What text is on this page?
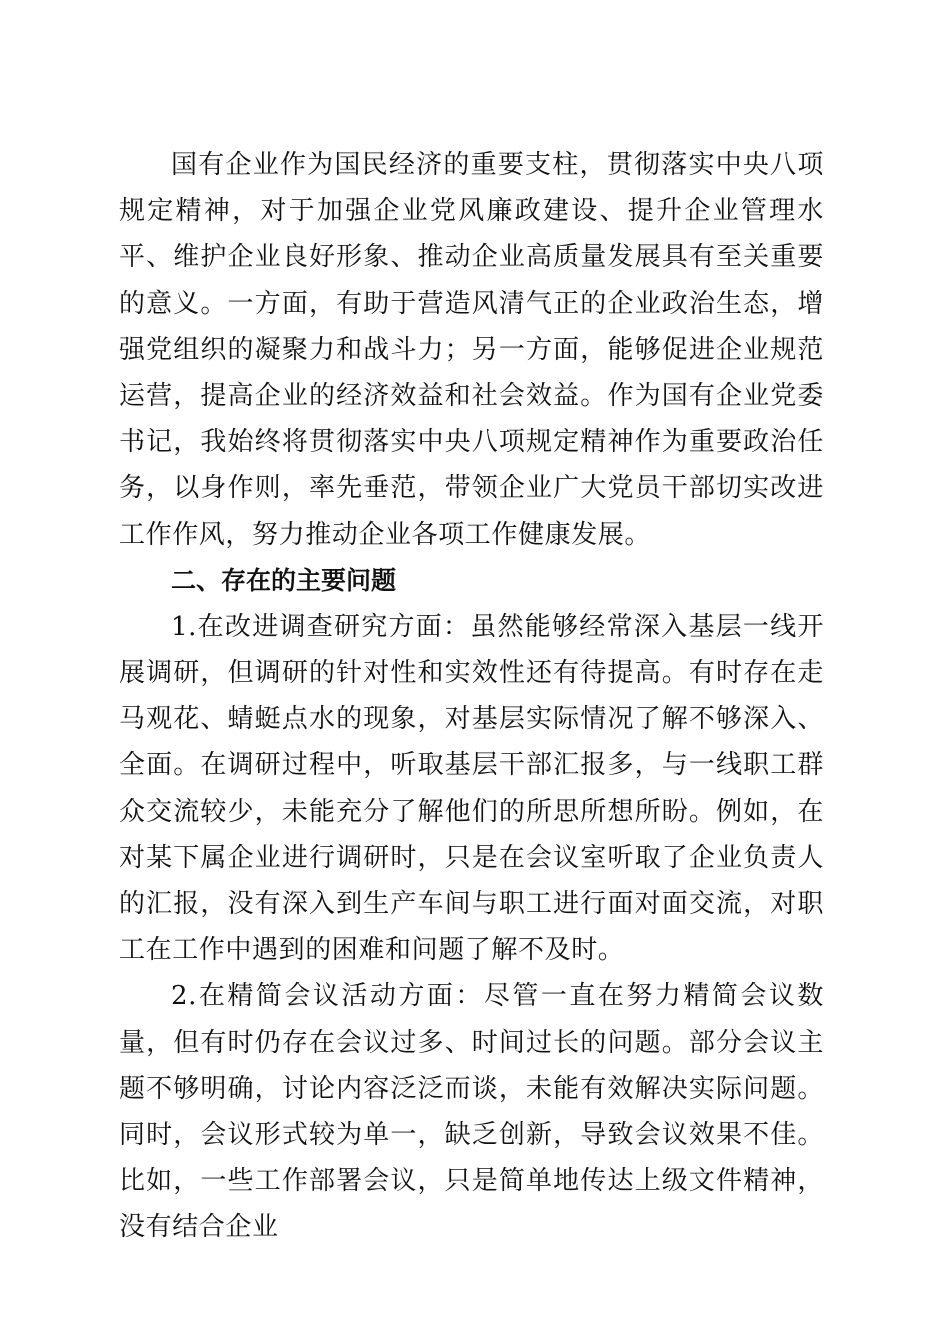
国有企业作为国民经济的重要支柱，贯彻落实中央八项规定精神，对于加强企业党风廉政建设、提升企业管理水平、维护企业良好形象、推动企业高质量发展具有至关重要的意义。一方面，有助于营造风清气正的企业政治生态，增强党组织的凝聚力和战斗力；另一方面，能够促进企业规范运营，提高企业的经济效益和社会效益。作为国有企业党委书记，我始终将贯彻落实中央八项规定精神作为重要政治任务，以身作则，率先垂范，带领企业广大党员干部切实改进工作作风，努力推动企业各项工作健康发展。

二、存在的主要问题

1.在改进调查研究方面：虽然能够经常深入基层一线开展调研，但调研的针对性和实效性还有待提高。有时存在走马观花、蜻蜓点水的现象，对基层实际情况了解不够深入、全面。在调研过程中，听取基层干部汇报多，与一线职工群众交流较少，未能充分了解他们的所思所想所盼。例如，在对某下属企业进行调研时，只是在会议室听取了企业负责人的汇报，没有深入到生产车间与职工进行面对面交流，对职工在工作中遇到的困难和问题了解不及时。

2.在精简会议活动方面：尽管一直在努力精简会议数量，但有时仍存在会议过多、时间过长的问题。部分会议主题不够明确，讨论内容泛泛而谈，未能有效解决实际问题。同时，会议形式较为单一，缺乏创新，导致会议效果不佳。比如，一些工作部署会议，只是简单地传达上级文件精神，没有结合企业
